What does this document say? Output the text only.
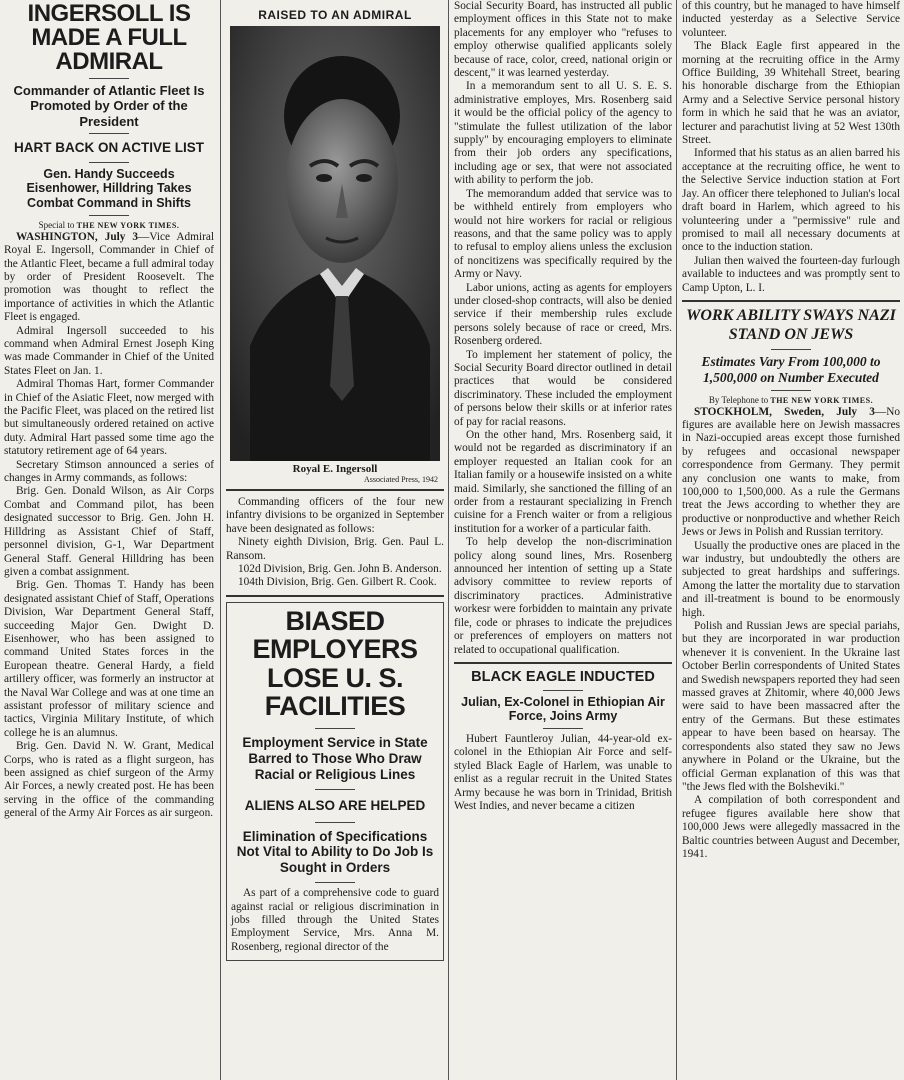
INGERSOLL IS MADE A FULL ADMIRAL
Commander of Atlantic Fleet Is Promoted by Order of the President
HART BACK ON ACTIVE LIST
Gen. Handy Succeeds Eisenhower, Hilldring Takes Combat Command in Shifts
Special to THE NEW YORK TIMES.

WASHINGTON, July 3—Vice Admiral Royal E. Ingersoll, Commander in Chief of the Atlantic Fleet, became a full admiral today by order of President Roosevelt. The promotion was thought to reflect the importance of activities in which the Atlantic Fleet is engaged.

Admiral Ingersoll succeeded to his command when Admiral Ernest Joseph King was made Commander in Chief of the United States Fleet on Jan. 1.

Admiral Thomas Hart, former Commander in Chief of the Asiatic Fleet, now merged with the Pacific Fleet, was placed on the retired list but simultaneously ordered retained on active duty. Admiral Hart passed some time ago the statutory retirement age of 64 years.

Secretary Stimson announced a series of changes in Army commands, as follows:

Brig. Gen. Donald Wilson, as Air Corps Combat and Command pilot, has been designated successor to Brig. Gen. John H. Hilldring as Assistant Chief of Staff, personnel division, G-1, War Department General Staff. General Hilldring has been given a combat assignment.

Brig. Gen. Thomas T. Handy has been designated assistant Chief of Staff, Operations Division, War Department General Staff, succeeding Major Gen. Dwight D. Eisenhower, who has been assigned to command United States forces in the European theatre. General Hardy, a field artillery officer, was formerly an instructor at the Naval War College and was at one time an assistant professor of military science and tactics, Virginia Military Institute, of which college he is an alumnus.

Brig. Gen. David N. W. Grant, Medical Corps, who is rated as a flight surgeon, has been assigned as chief surgeon of the Army Air Forces, a newly created post. He has been serving in the office of the commanding general of the Army Air Forces as air surgeon.

RAISED TO AN ADMIRAL
Royal E. Ingersoll
Associated Press, 1942

Commanding officers of the four new infantry divisions to be organized in September have been designated as follows:

Ninety eighth Division, Brig. Gen. Paul L. Ransom.

102d Division, Brig. Gen. John B. Anderson.

104th Division, Brig. Gen. Gilbert R. Cook.

BIASED EMPLOYERS LOSE U. S. FACILITIES
Employment Service in State Barred to Those Who Draw Racial or Religious Lines
ALIENS ALSO ARE HELPED
Elimination of Specifications Not Vital to Ability to Do Job Is Sought in Orders

As part of a comprehensive code to guard against racial or religious discrimination in jobs filled through the United States Employment Service, Mrs. Anna M. Rosenberg, regional director of the

Social Security Board, has instructed all public employment offices in this State not to make placements for any employer who "refuses to employ otherwise qualified applicants solely because of race, color, creed, national origin or descent," it was learned yesterday.

In a memorandum sent to all U. S. E. S. administrative employes, Mrs. Rosenberg said it would be the official policy of the agency to "stimulate the fullest utilization of the labor supply" by encouraging employers to eliminate from their job orders any specifications, including age or sex, that were not associated with ability to perform the job.

The memorandum added that service was to be withheld entirely from employers who would not hire workers for racial or religious reasons, and that the same policy was to apply to refusal to employ aliens unless the exclusion of noncitizens was specifically required by the Army or Navy.

Labor unions, acting as agents for employers under closed-shop contracts, will also be denied service if their membership rules exclude persons solely because of race or creed, Mrs. Rosenberg ordered.

To implement her statement of policy, the Social Security Board director outlined in detail practices that would be considered discriminatory. These included the employment of persons below their skills or at inferior rates of pay for racial reasons.

On the other hand, Mrs. Rosenberg said, it would not be regarded as discriminatory if an employer requested an Italian cook for an Italian family or a housewife insisted on a white maid. Similarly, she sanctioned the filling of an order from a restaurant specializing in French cuisine for a French waiter or from a religious institution for a worker of a particular faith.

To help develop the non-discrimination policy along sound lines, Mrs. Rosenberg announced her intention of setting up a State advisory committee to review reports of discriminatory practices. Administrative workesr were forbidden to maintain any private file, code or phrases to indicate the prejudices or preferences of employers on matters not related to occupational qualification.

BLACK EAGLE INDUCTED
Julian, Ex-Colonel in Ethiopian Air Force, Joins Army

Hubert Fauntleroy Julian, 44-year-old ex-colonel in the Ethiopian Air Force and self-styled Black Eagle of Harlem, was unable to enlist as a regular recruit in the United States Army because he was born in Trinidad, British West Indies, and never became a citizen

of this country, but he managed to have himself inducted yesterday as a Selective Service volunteer.

The Black Eagle first appeared in the morning at the recruiting office in the Army Office Building, 39 Whitehall Street, bearing his honorable discharge from the Ethiopian Army and a Selective Service personal history form in which he said that he was an aviator, lecturer and parachutist living at 52 West 130th Street.

Informed that his status as an alien barred his acceptance at the recruiting office, he went to the Selective Service induction station at Fort Jay. An officer there telephoned to Julian's local draft board in Harlem, which agreed to his volunteering under a "permissive" rule and promised to mail all necessary documents at once to the induction station.

Julian then waived the fourteen-day furlough available to inductees and was promptly sent to Camp Upton, L. I.

WORK ABILITY SWAYS NAZI STAND ON JEWS
Estimates Vary From 100,000 to 1,500,000 on Number Executed
By Telephone to THE NEW YORK TIMES.

STOCKHOLM, Sweden, July 3—No figures are available here on Jewish massacres in Nazi-occupied areas except those furnished by refugees and occasional newspaper correspondence from Germany. They permit any conclusion one wants to make, from 100,000 to 1,500,000. As a rule the Germans treat the Jews according to whether they are productive or nonproductive and whether Reich Jews or Jews in Polish and Russian territory.

Usually the productive ones are placed in the war industry, but undoubtedly the others are subjected to great hardships and sufferings. Among the latter the mortality due to starvation and ill-treatment is bound to be enormously high.

Polish and Russian Jews are special pariahs, but they are incorporated in war production whenever it is convenient. In the Ukraine last October Berlin correspondents of United States and Swedish newspapers reported they had seen massed graves at Zhitomir, where 40,000 Jews were said to have been massacred after the entry of the Germans. But these estimates appear to have been based on hearsay. The correspondents also stated they saw no Jews anywhere in Poland or the Ukraine, but the official German explanation of this was that "the Jews fled with the Bolsheviki."

A compilation of both correspondent and refugee figures available here show that 100,000 Jews were allegedly massacred in the Baltic countries between August and December, 1941.
